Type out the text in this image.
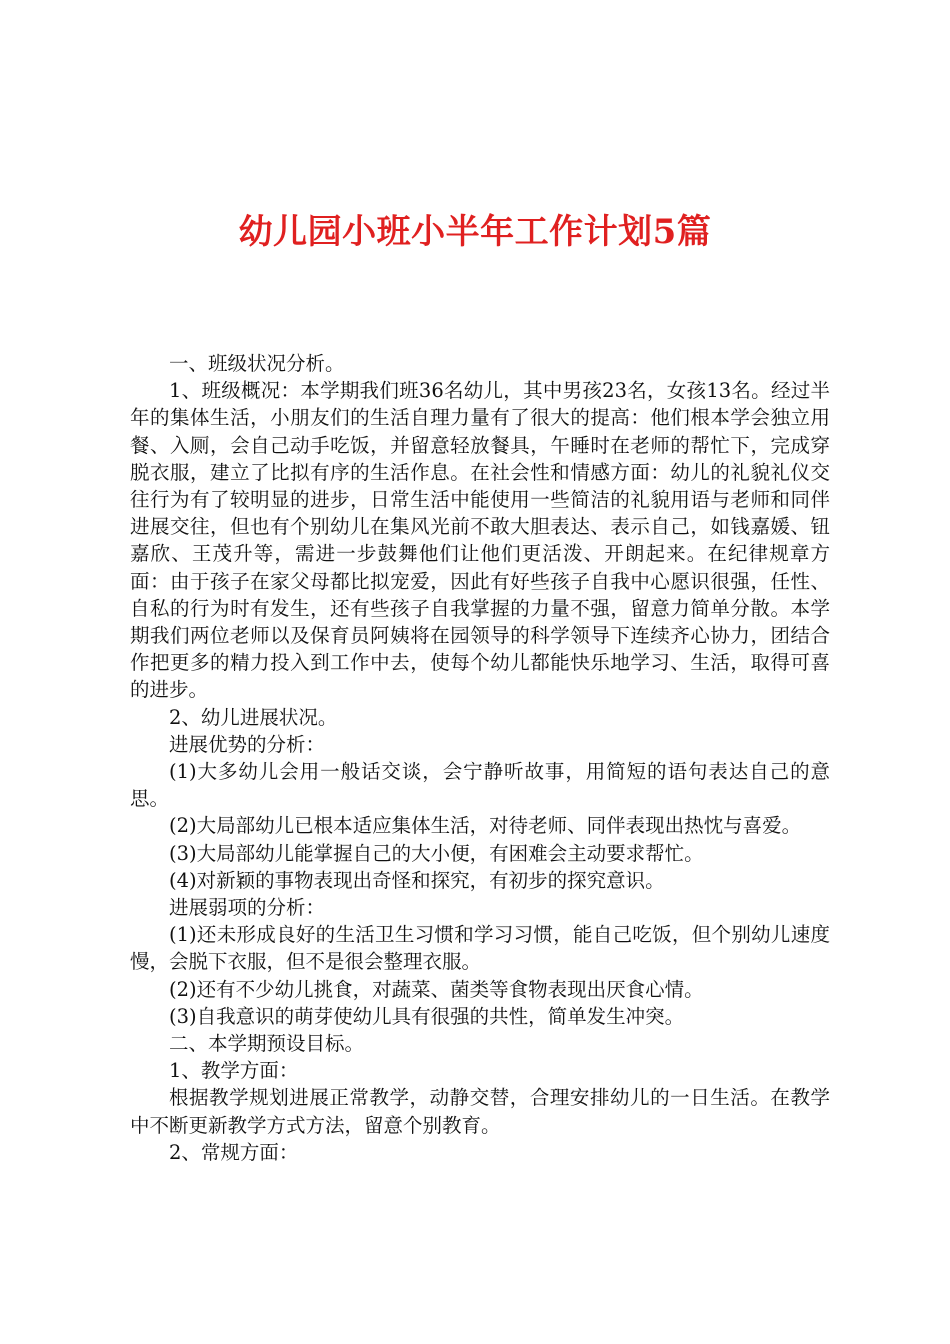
幼儿园小班小半年工作计划5篇

一、班级状况分析。

1、班级概况：本学期我们班36名幼儿，其中男孩23名，女孩13名。经过半年的集体生活，小朋友们的生活自理力量有了很大的提高：他们根本学会独立用餐、入厕，会自己动手吃饭，并留意轻放餐具，午睡时在老师的帮忙下，完成穿脱衣服，建立了比拟有序的生活作息。在社会性和情感方面：幼儿的礼貌礼仪交往行为有了较明显的进步，日常生活中能使用一些简洁的礼貌用语与老师和同伴进展交往，但也有个别幼儿在集风光前不敢大胆表达、表示自己，如钱嘉媛、钮嘉欣、王茂升等，需进一步鼓舞他们让他们更活泼、开朗起来。在纪律规章方面：由于孩子在家父母都比拟宠爱，因此有好些孩子自我中心愿识很强，任性、自私的行为时有发生，还有些孩子自我掌握的力量不强，留意力简单分散。本学期我们两位老师以及保育员阿姨将在园领导的科学领导下连续齐心协力，团结合作把更多的精力投入到工作中去，使每个幼儿都能快乐地学习、生活，取得可喜的进步。

2、幼儿进展状况。

进展优势的分析：

(1)大多幼儿会用一般话交谈，会宁静听故事，用简短的语句表达自己的意思。

(2)大局部幼儿已根本适应集体生活，对待老师、同伴表现出热忱与喜爱。

(3)大局部幼儿能掌握自己的大小便，有困难会主动要求帮忙。

(4)对新颖的事物表现出奇怪和探究，有初步的探究意识。

进展弱项的分析：

(1)还未形成良好的生活卫生习惯和学习习惯，能自己吃饭，但个别幼儿速度慢，会脱下衣服，但不是很会整理衣服。

(2)还有不少幼儿挑食，对蔬菜、菌类等食物表现出厌食心情。

(3)自我意识的萌芽使幼儿具有很强的共性，简单发生冲突。

二、本学期预设目标。

1、教学方面：

根据教学规划进展正常教学，动静交替，合理安排幼儿的一日生活。在教学中不断更新教学方式方法，留意个别教育。

2、常规方面：
